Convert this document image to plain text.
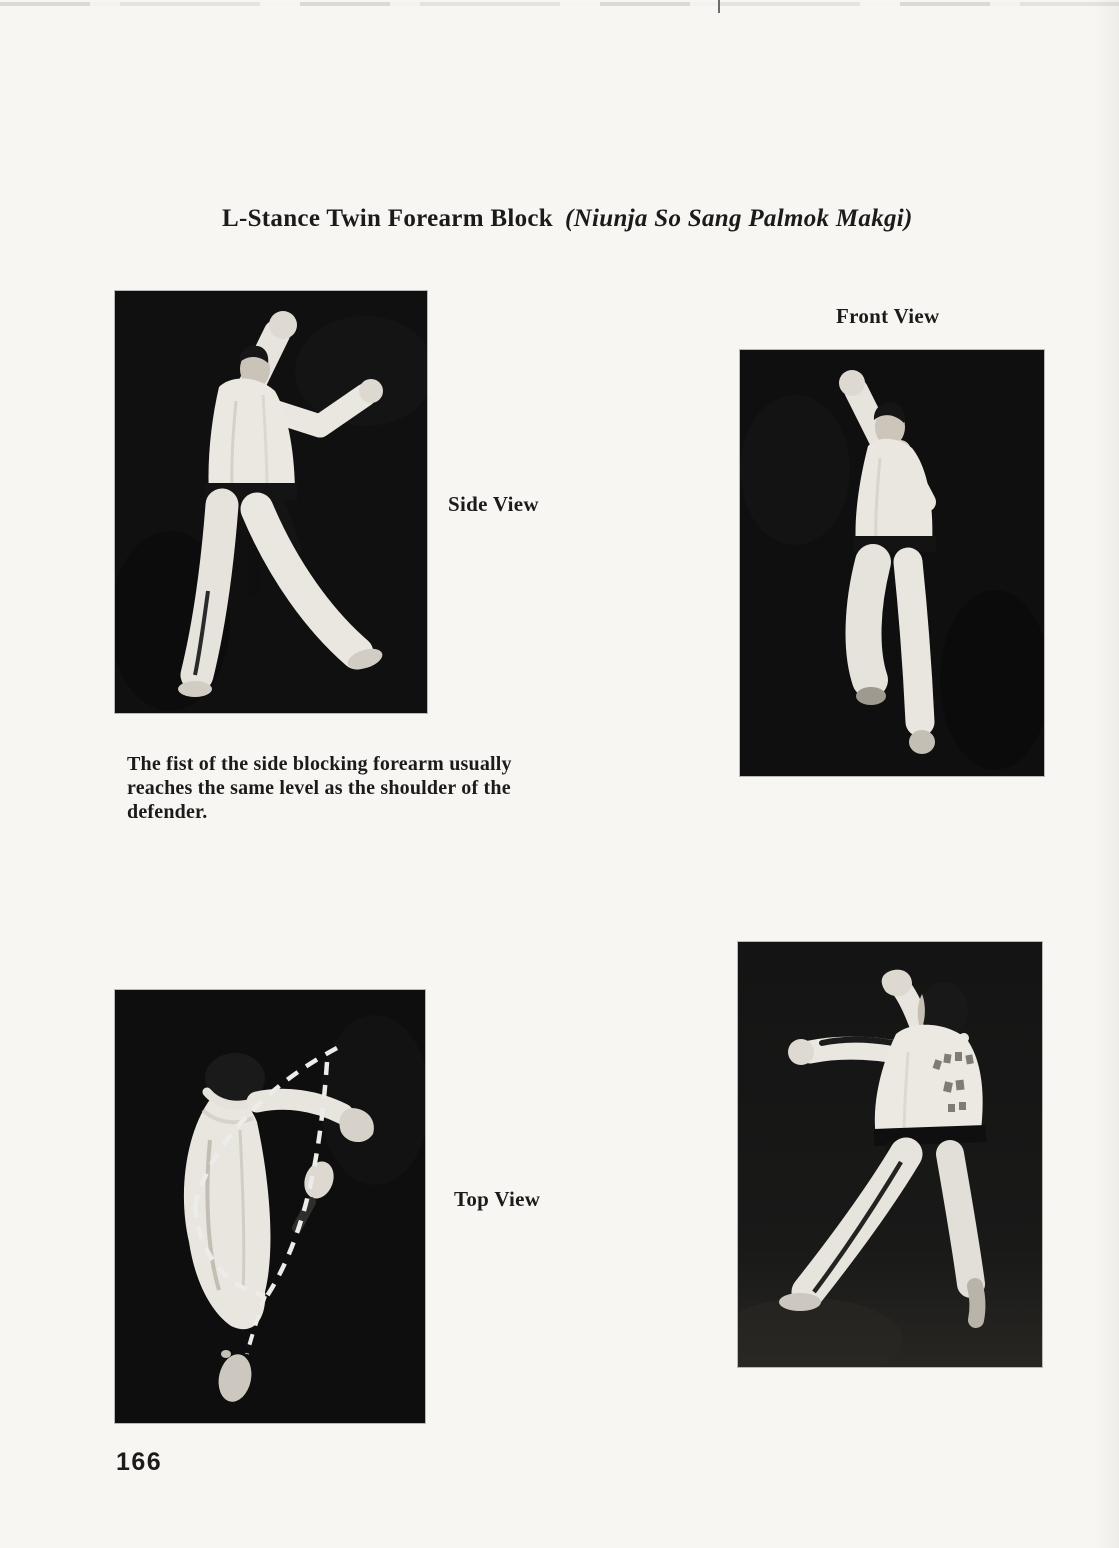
L-Stance Twin Forearm Block (Niunja So Sang Palmok Makgi)
Side View
Front View
The fist of the side blocking forearm usually
reaches the same level as the shoulder of the
defender.
Top View
166
